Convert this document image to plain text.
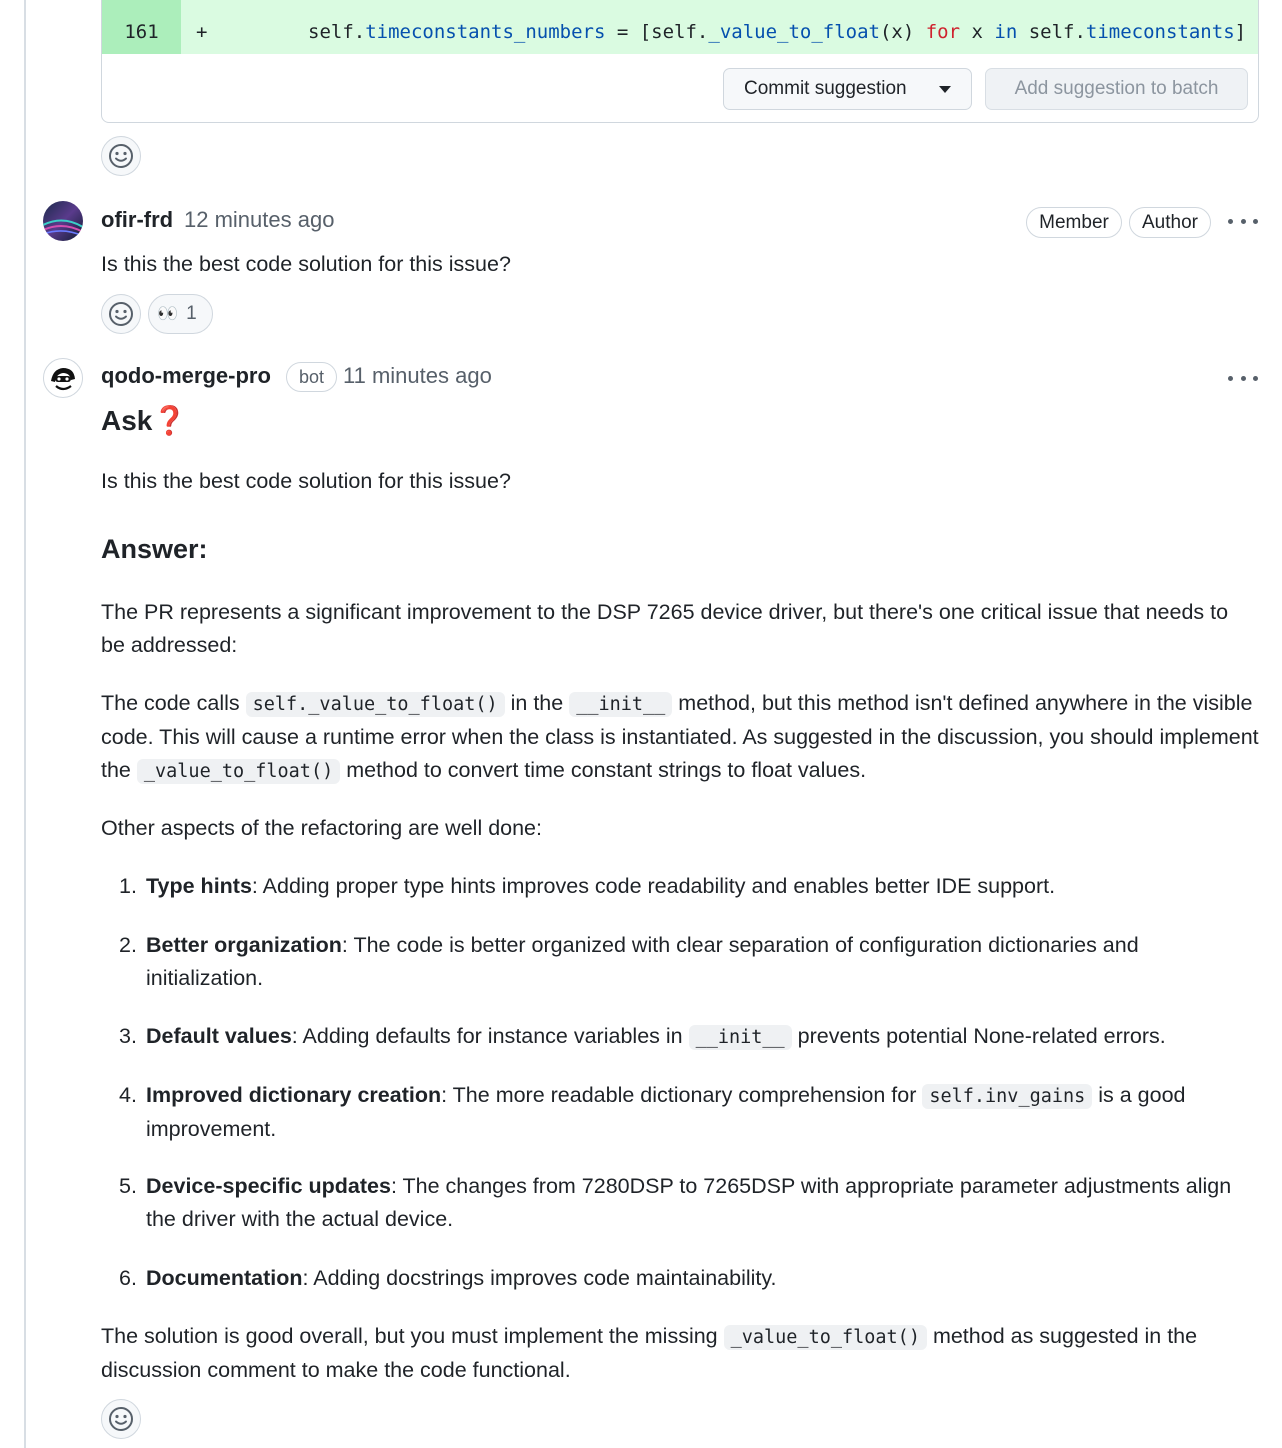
161	+	self.timeconstants_numbers = [self._value_to_float(x) for x in self.timeconstants]
Commit suggestion	Add suggestion to batch
ofir-frd 12 minutes ago	Member	Author
Is this the best code solution for this issue?
👀 1
qodo-merge-pro	bot 11 minutes ago
Ask❓
Is this the best code solution for this issue?
Answer:
The PR represents a significant improvement to the DSP 7265 device driver, but there's one critical issue that needs to be addressed:
The code calls self._value_to_float() in the __init__ method, but this method isn't defined anywhere in the visible code. This will cause a runtime error when the class is instantiated. As suggested in the discussion, you should implement the _value_to_float() method to convert time constant strings to float values.
Other aspects of the refactoring are well done:
1. Type hints: Adding proper type hints improves code readability and enables better IDE support.
2. Better organization: The code is better organized with clear separation of configuration dictionaries and initialization.
3. Default values: Adding defaults for instance variables in __init__ prevents potential None-related errors.
4. Improved dictionary creation: The more readable dictionary comprehension for self.inv_gains is a good improvement.
5. Device-specific updates: The changes from 7280DSP to 7265DSP with appropriate parameter adjustments align the driver with the actual device.
6. Documentation: Adding docstrings improves code maintainability.
The solution is good overall, but you must implement the missing _value_to_float() method as suggested in the discussion comment to make the code functional.
